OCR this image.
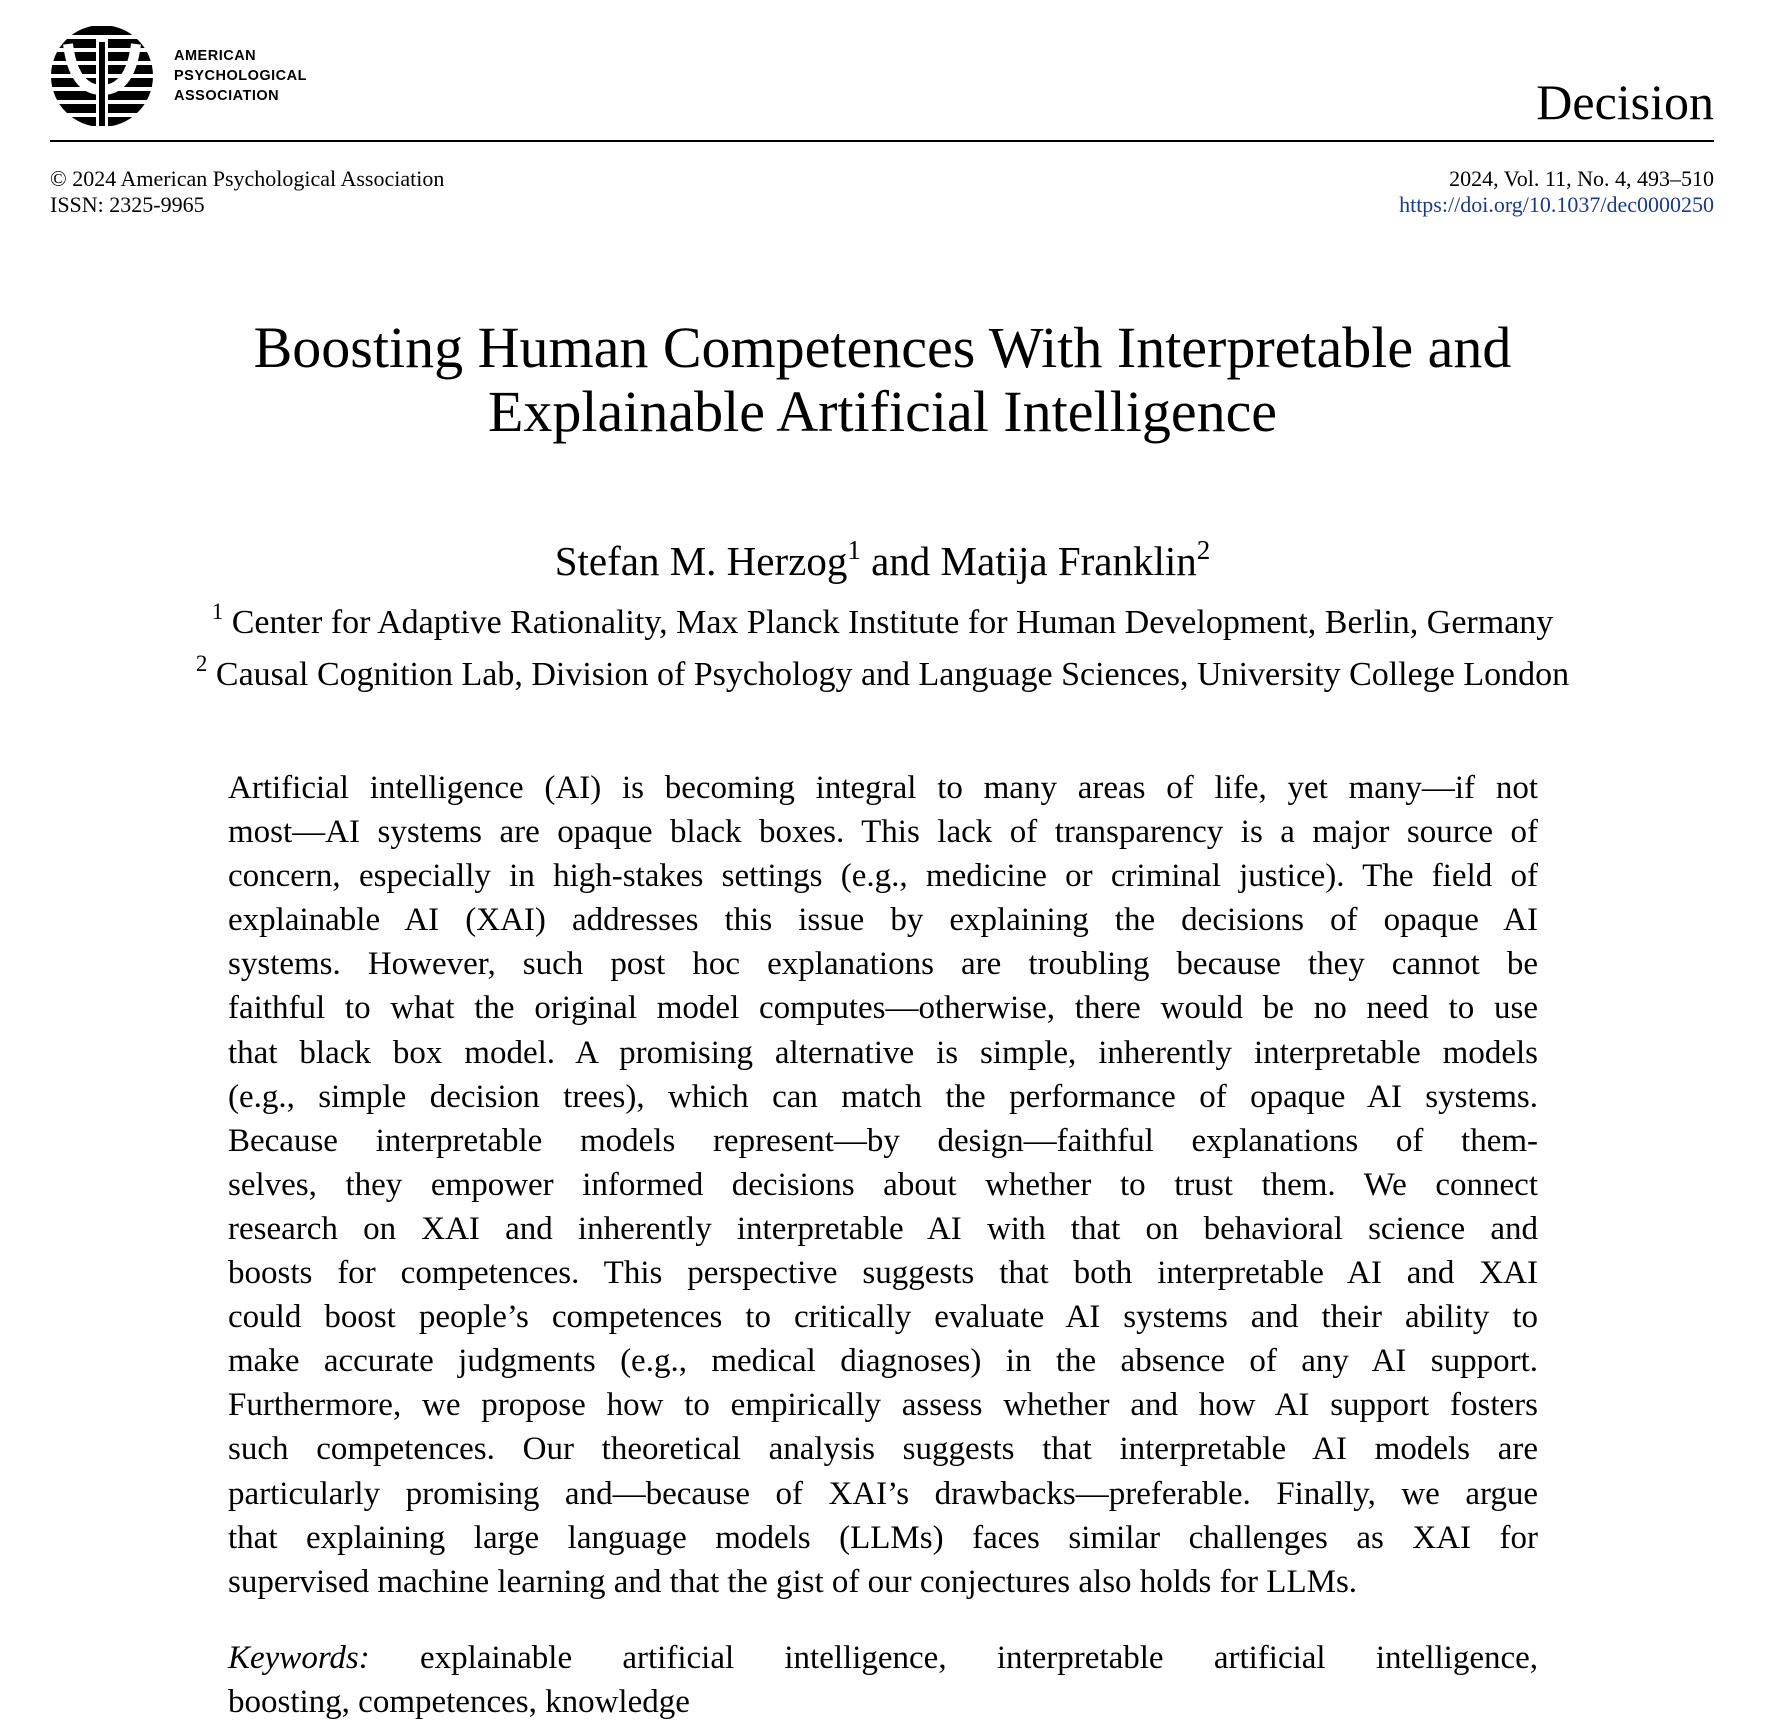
AMERICAN
PSYCHOLOGICAL
ASSOCIATION	Decision
© 2024 American Psychological Association
ISSN: 2325-9965
2024, Vol. 11, No. 4, 493–510
https://doi.org/10.1037/dec0000250
Boosting Human Competences With Interpretable and
Explainable Artificial Intelligence
Stefan M. Herzog$^1$ and Matija Franklin$^2$
$^1$ Center for Adaptive Rationality, Max Planck Institute for Human Development, Berlin, Germany
$^2$ Causal Cognition Lab, Division of Psychology and Language Sciences, University College London
Artificial intelligence (AI) is becoming integral to many areas of life, yet many—if not
most—AI systems are opaque black boxes. This lack of transparency is a major source of
concern, especially in high-stakes settings (e.g., medicine or criminal justice). The field of
explainable AI (XAI) addresses this issue by explaining the decisions of opaque AI
systems. However, such post hoc explanations are troubling because they cannot be
faithful to what the original model computes—otherwise, there would be no need to use
that black box model. A promising alternative is simple, inherently interpretable models
(e.g., simple decision trees), which can match the performance of opaque AI systems.
Because interpretable models represent—by design—faithful explanations of them-
selves, they empower informed decisions about whether to trust them. We connect
research on XAI and inherently interpretable AI with that on behavioral science and
boosts for competences. This perspective suggests that both interpretable AI and XAI
could boost people’s competences to critically evaluate AI systems and their ability to
make accurate judgments (e.g., medical diagnoses) in the absence of any AI support.
Furthermore, we propose how to empirically assess whether and how AI support fosters
such competences. Our theoretical analysis suggests that interpretable AI models are
particularly promising and—because of XAI’s drawbacks—preferable. Finally, we argue
that explaining large language models (LLMs) faces similar challenges as XAI for
supervised machine learning and that the gist of our conjectures also holds for LLMs.
Keywords: explainable artificial intelligence, interpretable artificial intelligence,
boosting, competences, knowledge
